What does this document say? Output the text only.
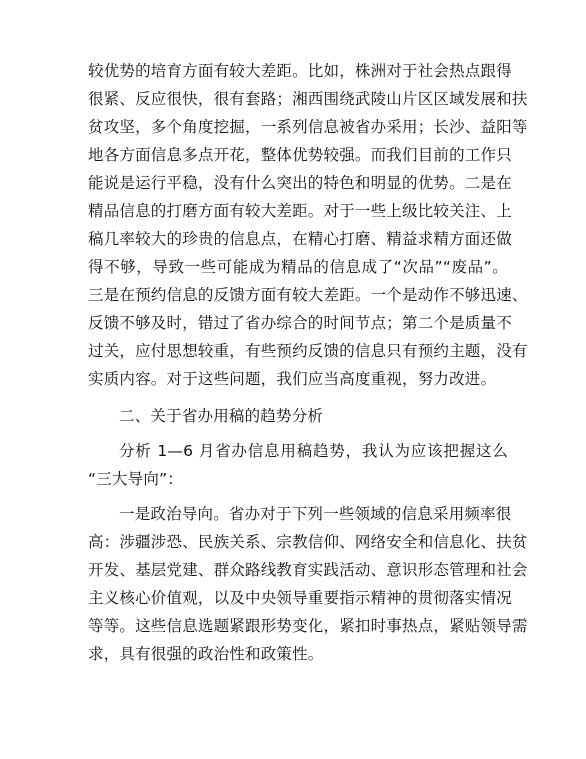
较优势的培育方面有较大差距。比如，株洲对于社会热点跟得
很紧、反应很快，很有套路；湘西围绕武陵山片区区域发展和扶
贫攻坚，多个角度挖掘，一系列信息被省办采用；长沙、益阳等
地各方面信息多点开花，整体优势较强。而我们目前的工作只
能说是运行平稳，没有什么突出的特色和明显的优势。二是在
精品信息的打磨方面有较大差距。对于一些上级比较关注、上
稿几率较大的珍贵的信息点，在精心打磨、精益求精方面还做
得不够，导致一些可能成为精品的信息成了“次品”“废品”。
三是在预约信息的反馈方面有较大差距。一个是动作不够迅速、
反馈不够及时，错过了省办综合的时间节点；第二个是质量不
过关，应付思想较重，有些预约反馈的信息只有预约主题，没有
实质内容。对于这些问题，我们应当高度重视，努力改进。
二、关于省办用稿的趋势分析
分析 1—6 月省办信息用稿趋势，我认为应该把握这么
“三大导向”：
一是政治导向。省办对于下列一些领域的信息采用频率很
高：涉疆涉恐、民族关系、宗教信仰、网络安全和信息化、扶贫
开发、基层党建、群众路线教育实践活动、意识形态管理和社会
主义核心价值观，以及中央领导重要指示精神的贯彻落实情况
等等。这些信息选题紧跟形势变化，紧扣时事热点，紧贴领导需
求，具有很强的政治性和政策性。
